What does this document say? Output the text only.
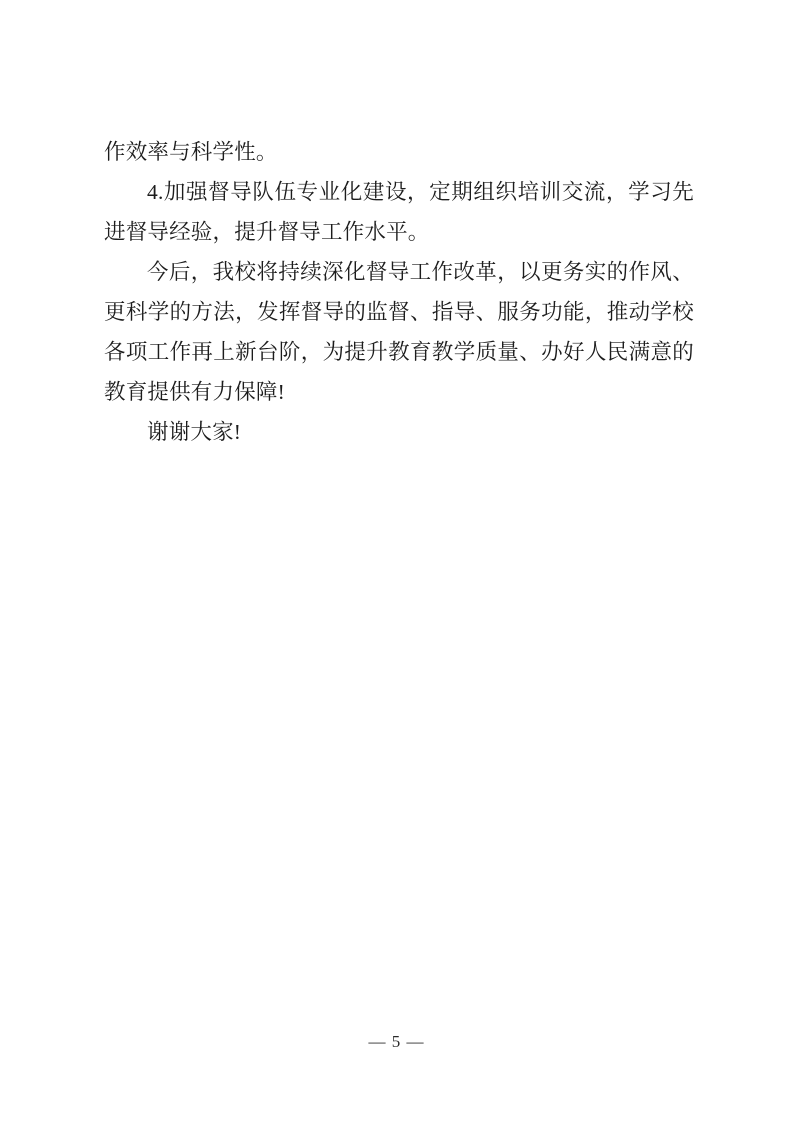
作效率与科学性。

4.加强督导队伍专业化建设，定期组织培训交流，学习先进督导经验，提升督导工作水平。

今后，我校将持续深化督导工作改革，以更务实的作风、更科学的方法，发挥督导的监督、指导、服务功能，推动学校各项工作再上新台阶，为提升教育教学质量、办好人民满意的教育提供有力保障!

谢谢大家!

— 5 —
